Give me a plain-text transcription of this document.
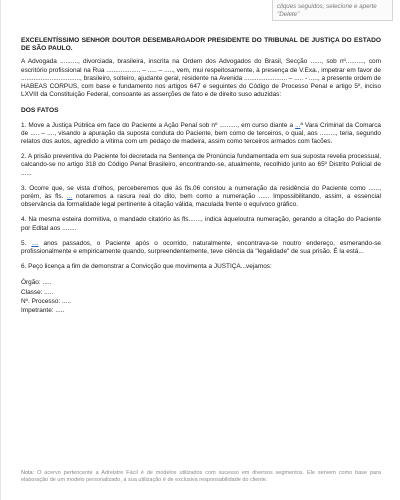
cliques seguidos, selecione e aperte "Delete"

EXCELENTÍSSIMO SENHOR DOUTOR DESEMBARGADOR PRESIDENTE DO TRIBUNAL DE JUSTIÇA DO ESTADO DE SÃO PAULO.

A Advogada .........., divorciada, brasileira, inscrita na Ordem dos Advogados do Brasil, Secção ......, sob nº.........., com escritório profissional na Rua ................... – ..... – ....., vem, mui respeitosamente, à presença de V.Exa., impetrar em favor de ................................., brasileiro, solteiro, ajudante geral, residente na Avenida ........................ – ..... - ....., a presente ordem de HABEAS CORPUS, com base e fundamento nos artigos 647 e seguintes do Código de Processo Penal e artigo 5º, inciso LXVIII da Constituição Federal, consoante as asserções de fato e de direito suso aduzidas:

DOS FATOS

1. Move a Justiça Pública em face do Paciente a Ação Penal sob nº .........., em curso diante a ...ª Vara Criminal da Comarca de ..... – ...., visando a apuração da suposta conduta do Paciente, bem como de terceiros, o qual, aos ........., teria, segundo relatos dos autos, agredido a vítima com um pedaço de madeira, assim como terceiros armados com facões.

2. A prisão preventiva do Paciente foi decretada na Sentença de Pronúncia fundamentada em sua suposta revelia processual, calcando-se no artigo 318 do Código Penal Brasileiro, encontrando-se, atualmente, recolhido junto ao 65º Distrito Policial de ......

3. Ocorre que, se vista d'olhos, perceberemos que às fls.06 constou a numeração da residência do Paciente como ......, porém, às fls. ... notaremos a rasura real do dito, bem como a numeração ...... Impossibilitando, assim, a essencial observância da formalidade legal pertinente à citação válida, maculada frente o equívoco gráfico.

4. Na mesma esteira dormitiva, o mandado citatório às fls......., indica àqueloutra numeração, gerando a citação do Paciente por Edital aos ........

5. .... anos passados, o Paciente após o ocorrido, naturalmente, encontrava-se noutro endereço, esmerando-se profissionalmente e empiricamente quando, surpreendentemente, teve ciência da "legalidade" de sua prisão. É la está...

6. Peço licença a fim de demonstrar a Convicção que movimenta a JUSTIÇA...vejamos:

Órgão: .....
Classe: .....
Nº. Processo: .....
Impetrante: .....
Nota: O acervo pertencente a Adreistre Fácil é de modelos utilizados com sucesso em diversos segmentos. Ele servem como base para elaboração de um modelo personalizado, a sua utilização é de exclusiva responsabilidade do cliente.
